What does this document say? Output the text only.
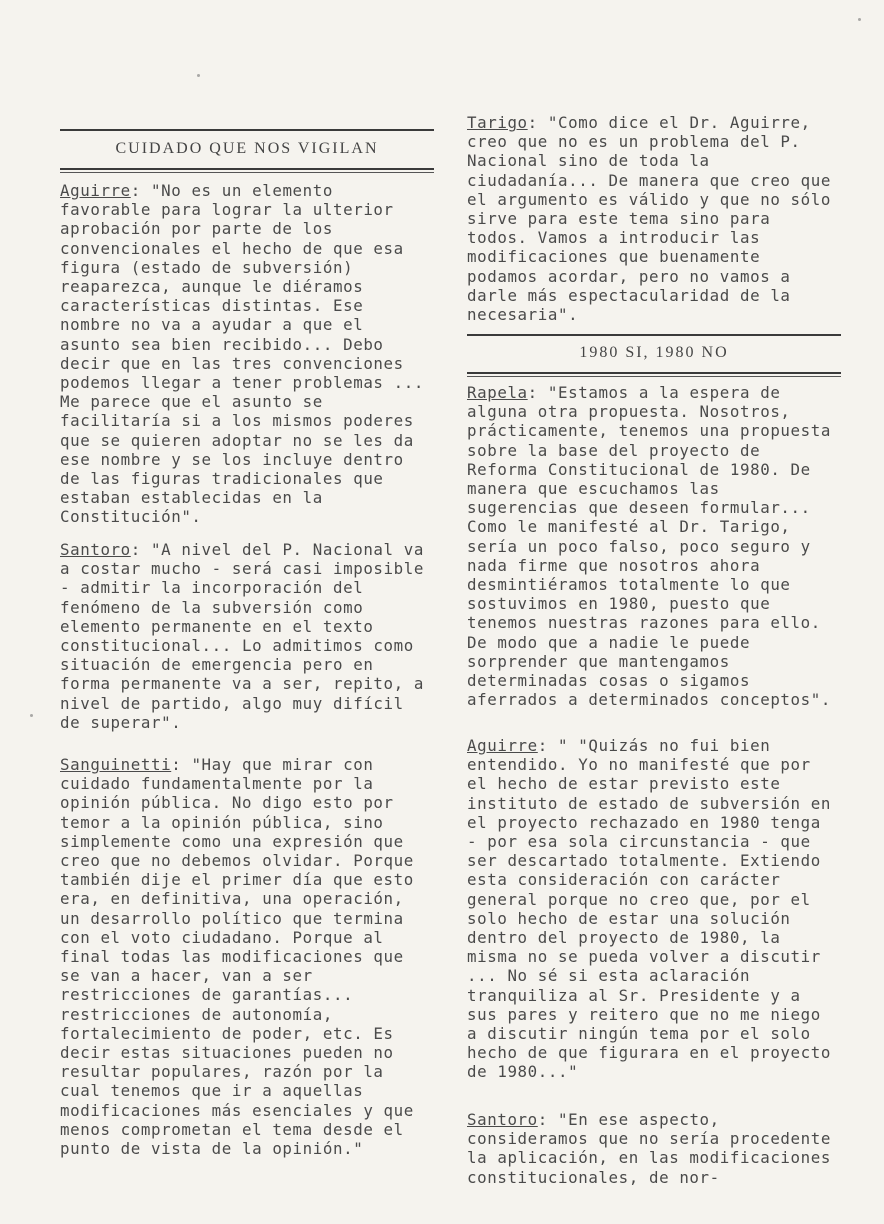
CUIDADO QUE NOS VIGILAN
Aguirre: "No es un elemento favorable para lograr la ulterior aprobación por parte de los convencionales el hecho de que esa figura (estado de subversión) reaparezca, aunque le diéramos características distintas. Ese nombre no va a ayudar a que el asunto sea bien recibido... Debo decir que en las tres convenciones podemos llegar a tener problemas ... Me parece que el asunto se facilitaría si a los mismos poderes que se quieren adoptar no se les da ese nombre y se los incluye dentro de las figuras tradicionales que estaban establecidas en la Constitución".
Santoro: "A nivel del P. Nacional va a costar mucho - será casi imposible - admitir la incorporación del fenómeno de la subversión como elemento permanente en el texto constitucional... Lo admitimos como situación de emergencia pero en forma permanente va a ser, repito, a nivel de partido, algo muy difícil de superar".
Sanguinetti: "Hay que mirar con cuidado fundamentalmente por la opinión pública. No digo esto por temor a la opinión pública, sino simplemente como una expresión que creo que no debemos olvidar. Porque también dije el primer día que esto era, en definitiva, una operación, un desarrollo político que termina con el voto ciudadano. Porque al final todas las modificaciones que se van a hacer, van a ser restricciones de garantías... restricciones de autonomía, fortalecimiento de poder, etc. Es decir estas situaciones pueden no resultar populares, razón por la cual tenemos que ir a aquellas modificaciones más esenciales y que menos comprometan el tema desde el punto de vista de la opinión."
Tarigo: "Como dice el Dr. Aguirre, creo que no es un problema del P. Nacional sino de toda la ciudadanía... De manera que creo que el argumento es válido y que no sólo sirve para este tema sino para todos. Vamos a introducir las modificaciones que buenamente podamos acordar, pero no vamos a darle más espectacularidad de la necesaria".
1980 SI, 1980 NO
Rapela: "Estamos a la espera de alguna otra propuesta. Nosotros, prácticamente, tenemos una propuesta sobre la base del proyecto de Reforma Constitucional de 1980. De manera que escuchamos las sugerencias que deseen formular... Como le manifesté al Dr. Tarigo, sería un poco falso, poco seguro y nada firme que nosotros ahora desmintiéramos totalmente lo que sostuvimos en 1980, puesto que tenemos nuestras razones para ello. De modo que a nadie le puede sorprender que mantengamos determinadas cosas o sigamos aferrados a determinados conceptos".
Aguirre: " "Quizás no fui bien entendido. Yo no manifesté que por el hecho de estar previsto este instituto de estado de subversión en el proyecto rechazado en 1980 tenga - por esa sola circunstancia - que ser descartado totalmente. Extiendo esta consideración con carácter general porque no creo que, por el solo hecho de estar una solución dentro del proyecto de 1980, la misma no se pueda volver a discutir ... No sé si esta aclaración tranquiliza al Sr. Presidente y a sus pares y reitero que no me niego a discutir ningún tema por el solo hecho de que figurara en el proyecto de 1980..."
Santoro: "En ese aspecto, consideramos que no sería procedente la aplicación, en las modificaciones constitucionales, de nor-
